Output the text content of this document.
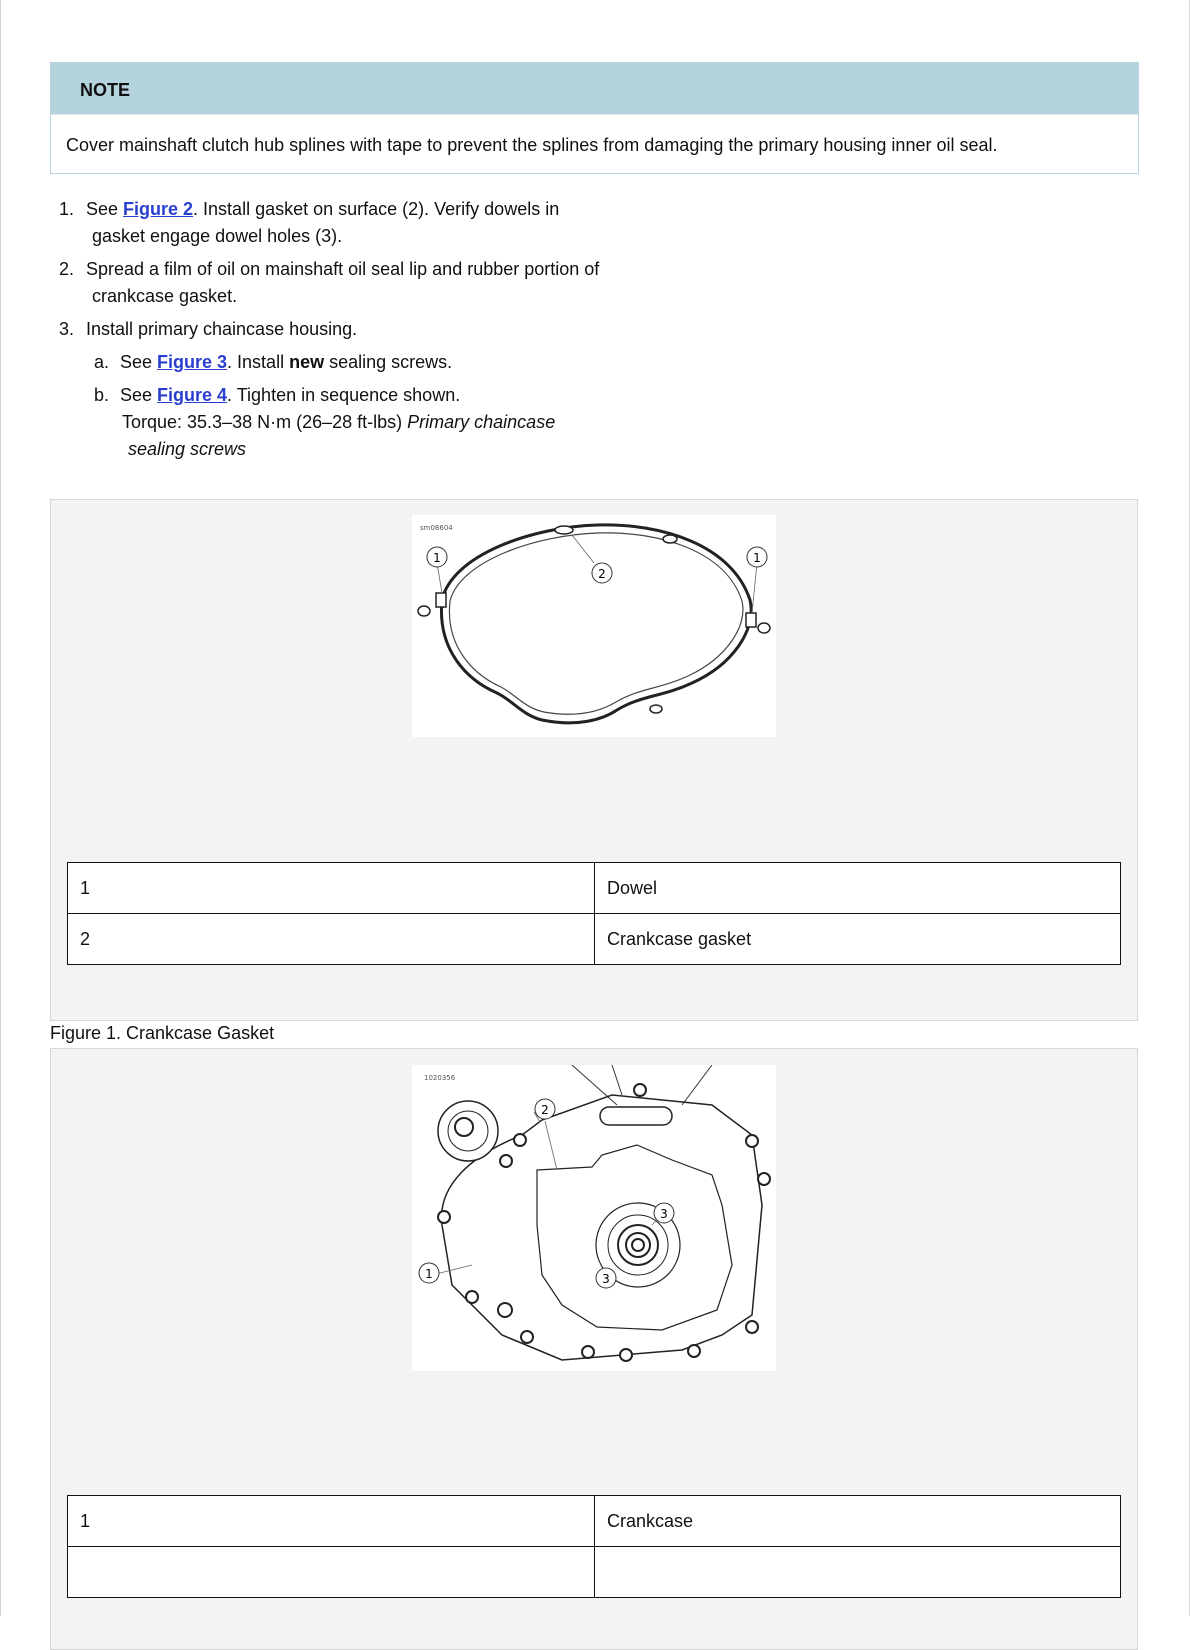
NOTE
Cover mainshaft clutch hub splines with tape to prevent the splines from damaging the primary housing inner oil seal.
1. See Figure 2. Install gasket on surface (2). Verify dowels in
gasket engage dowel holes (3).
2. Spread a film of oil on mainshaft oil seal lip and rubber portion of
crankcase gasket.
3. Install primary chaincase housing.
a. See Figure 3. Install new sealing screws.
b. See Figure 4. Tighten in sequence shown.
Torque: 35.3–38 N·m (26–28 ft-lbs) Primary chaincase
sealing screws
sm08604
1
2
1
1	Dowel
2	Crankcase gasket
Figure 1. Crankcase Gasket
1020356
2
3
1	3
1	Crankcase
